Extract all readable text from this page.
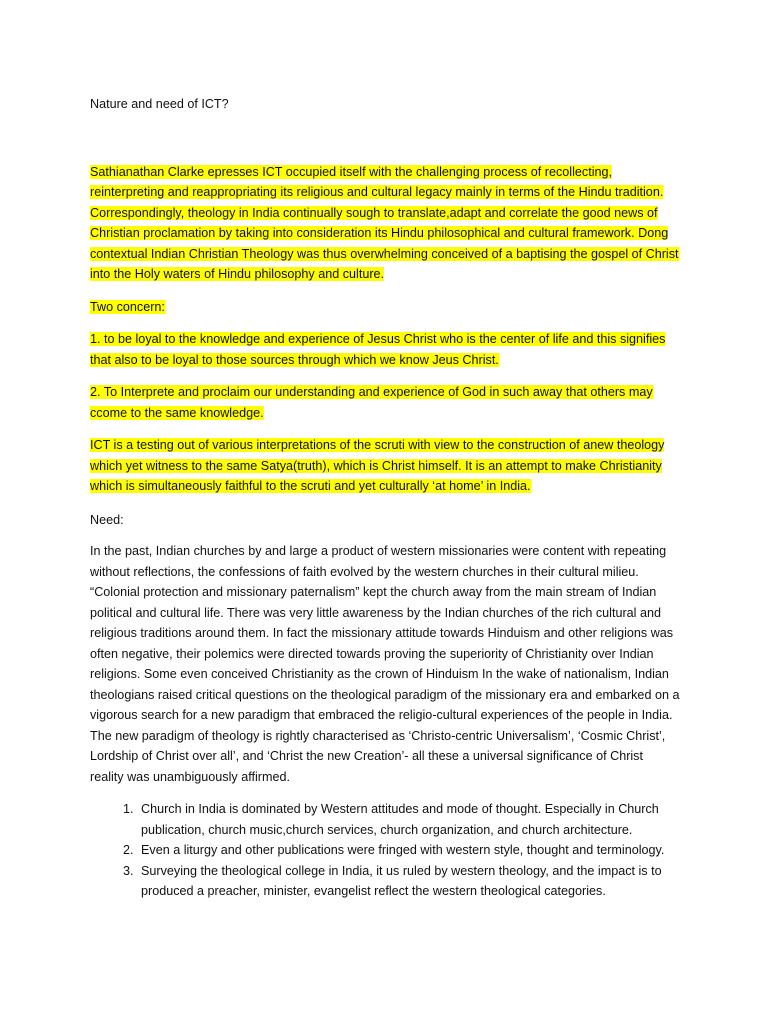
Nature and need of ICT?

Sathianathan Clarke epresses ICT occupied itself with the challenging process of recollecting, reinterpreting and reappropriating its religious and cultural legacy mainly in terms of the Hindu tradition. Correspondingly, theology in India continually sough to translate,adapt and correlate the good news of Christian proclamation by taking into consideration its Hindu philosophical and cultural framework. Dong contextual Indian Christian Theology was thus overwhelming conceived of a baptising the gospel of Christ into the Holy waters of Hindu philosophy and culture.

Two concern:

1. to be loyal to the knowledge and experience of Jesus Christ who is the center of life and this signifies that also to be loyal to those sources through which we know Jeus Christ.

2. To Interprete and proclaim our understanding and experience of God in such away that others may ccome to the same knowledge.

ICT is a testing out of various interpretations of the scruti with view to the construction of anew theology which yet witness to the same Satya(truth), which is Christ himself. It is an attempt to make Christianity which is simultaneously faithful to the scruti and yet culturally ‘at home’ in India.

Need:

In the past, Indian churches by and large a product of western missionaries were content with repeating without reflections, the confessions of faith evolved by the western churches in their cultural milieu. “Colonial protection and missionary paternalism” kept the church away from the main stream of Indian political and cultural life. There was very little awareness by the Indian churches of the rich cultural and religious traditions around them. In fact the missionary attitude towards Hinduism and other religions was often negative, their polemics were directed towards proving the superiority of Christianity over Indian religions. Some even conceived Christianity as the crown of Hinduism In the wake of nationalism, Indian theologians raised critical questions on the theological paradigm of the missionary era and embarked on a vigorous search for a new paradigm that embraced the religio-cultural experiences of the people in India. The new paradigm of theology is rightly characterised as ‘Christo-centric Universalism’, ‘Cosmic Christ’, Lordship of Christ over all’, and ‘Christ the new Creation’- all these a universal significance of Christ reality was unambiguously affirmed.

1. Church in India is dominated by Western attitudes and mode of thought. Especially in Church publication, church music,church services, church organization, and church architecture.
2. Even a liturgy and other publications were fringed with western style, thought and terminology.
3. Surveying the theological college in India, it us ruled by western theology, and the impact is to produced a preacher, minister, evangelist reflect the western theological categories.
